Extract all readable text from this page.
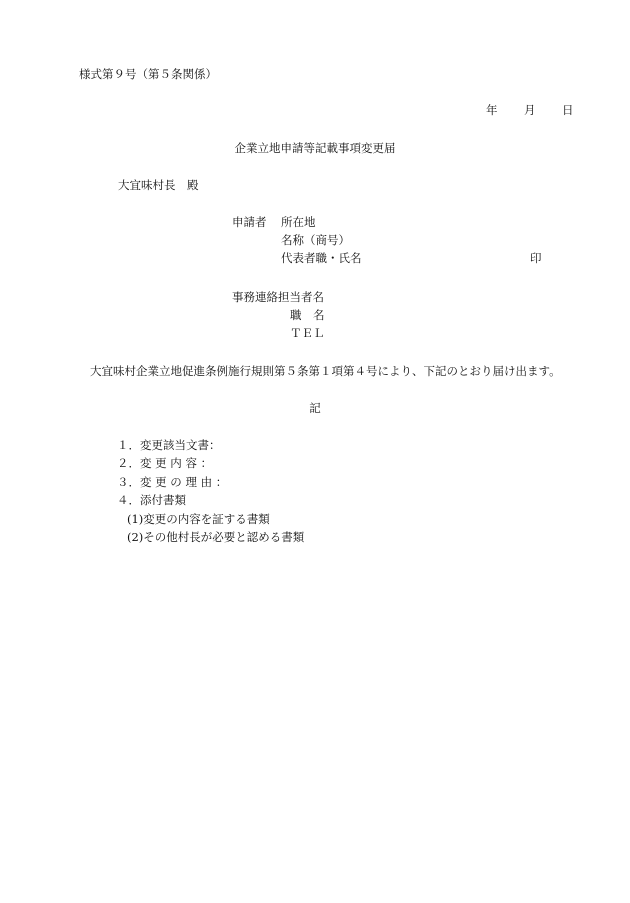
様式第９号（第５条関係）
年 月 日
企業立地申請等記載事項変更届
大宜味村長　殿
申請者 所在地
名称（商号）
代表者職・氏名	印
事務連絡担当者名
職　名
ＴＥＬ
大宜味村企業立地促進条例施行規則第５条第１項第４号により、下記のとおり届け出ます。
記
１．変更該当文書：
２．変 更 内 容 ：
３．変 更 の 理 由 ：
４．添付書類
(1)変更の内容を証する書類
(2)その他村長が必要と認める書類
